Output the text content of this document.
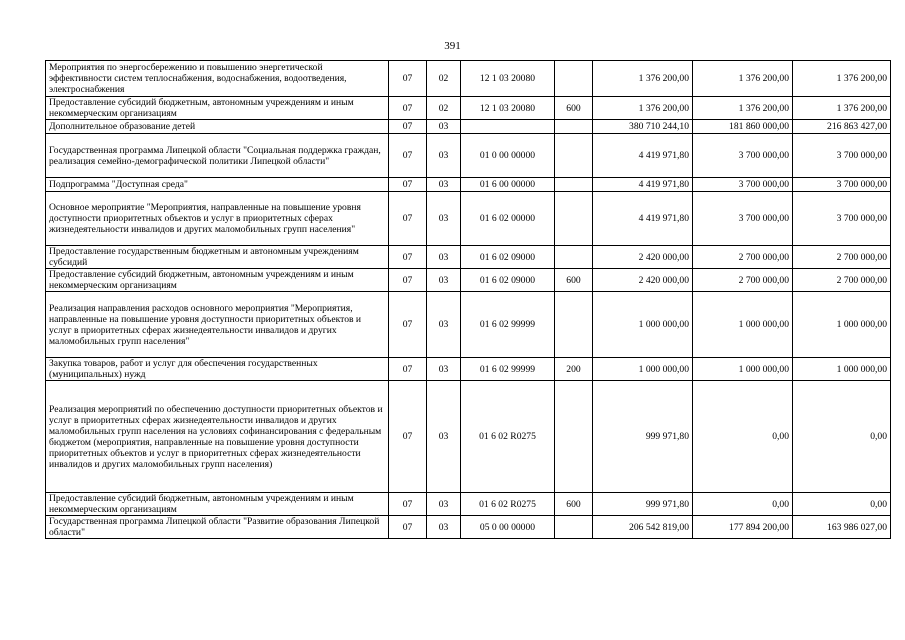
391
Мероприятия по энергосбережению и повышению энергетической эффективности систем теплоснабжения, водоснабжения, водоотведения, электроснабжения	07	02	12 1 03 20080		1 376 200,00	1 376 200,00	1 376 200,00
Предоставление субсидий бюджетным, автономным учреждениям и иным некоммерческим организациям	07	02	12 1 03 20080	600	1 376 200,00	1 376 200,00	1 376 200,00
Дополнительное образование детей	07	03			380 710 244,10	181 860 000,00	216 863 427,00
Государственная программа Липецкой области "Социальная поддержка граждан, реализация семейно-демографической политики Липецкой области"	07	03	01 0 00 00000		4 419 971,80	3 700 000,00	3 700 000,00
Подпрограмма "Доступная среда"	07	03	01 6 00 00000		4 419 971,80	3 700 000,00	3 700 000,00
Основное мероприятие "Мероприятия, направленные на повышение уровня доступности приоритетных объектов и услуг в приоритетных сферах жизнедеятельности инвалидов и других маломобильных групп населения"	07	03	01 6 02 00000		4 419 971,80	3 700 000,00	3 700 000,00
Предоставление государственным бюджетным и автономным учреждениям субсидий	07	03	01 6 02 09000		2 420 000,00	2 700 000,00	2 700 000,00
Предоставление субсидий бюджетным, автономным учреждениям и иным некоммерческим организациям	07	03	01 6 02 09000	600	2 420 000,00	2 700 000,00	2 700 000,00
Реализация направления расходов основного мероприятия "Мероприятия, направленные на повышение уровня доступности приоритетных объектов и услуг в приоритетных сферах жизнедеятельности инвалидов и других маломобильных групп населения"	07	03	01 6 02 99999		1 000 000,00	1 000 000,00	1 000 000,00
Закупка товаров, работ и услуг для обеспечения государственных (муниципальных) нужд	07	03	01 6 02 99999	200	1 000 000,00	1 000 000,00	1 000 000,00
Реализация мероприятий по обеспечению доступности приоритетных объектов и услуг в приоритетных сферах жизнедеятельности инвалидов и других маломобильных групп населения на условиях софинансирования с федеральным бюджетом (мероприятия, направленные на повышение уровня доступности приоритетных объектов и услуг в приоритетных сферах жизнедеятельности инвалидов и других маломобильных групп населения)	07	03	01 6 02 R0275		999 971,80	0,00	0,00
Предоставление субсидий бюджетным, автономным учреждениям и иным некоммерческим организациям	07	03	01 6 02 R0275	600	999 971,80	0,00	0,00
Государственная программа Липецкой области "Развитие образования Липецкой области"	07	03	05 0 00 00000		206 542 819,00	177 894 200,00	163 986 027,00
